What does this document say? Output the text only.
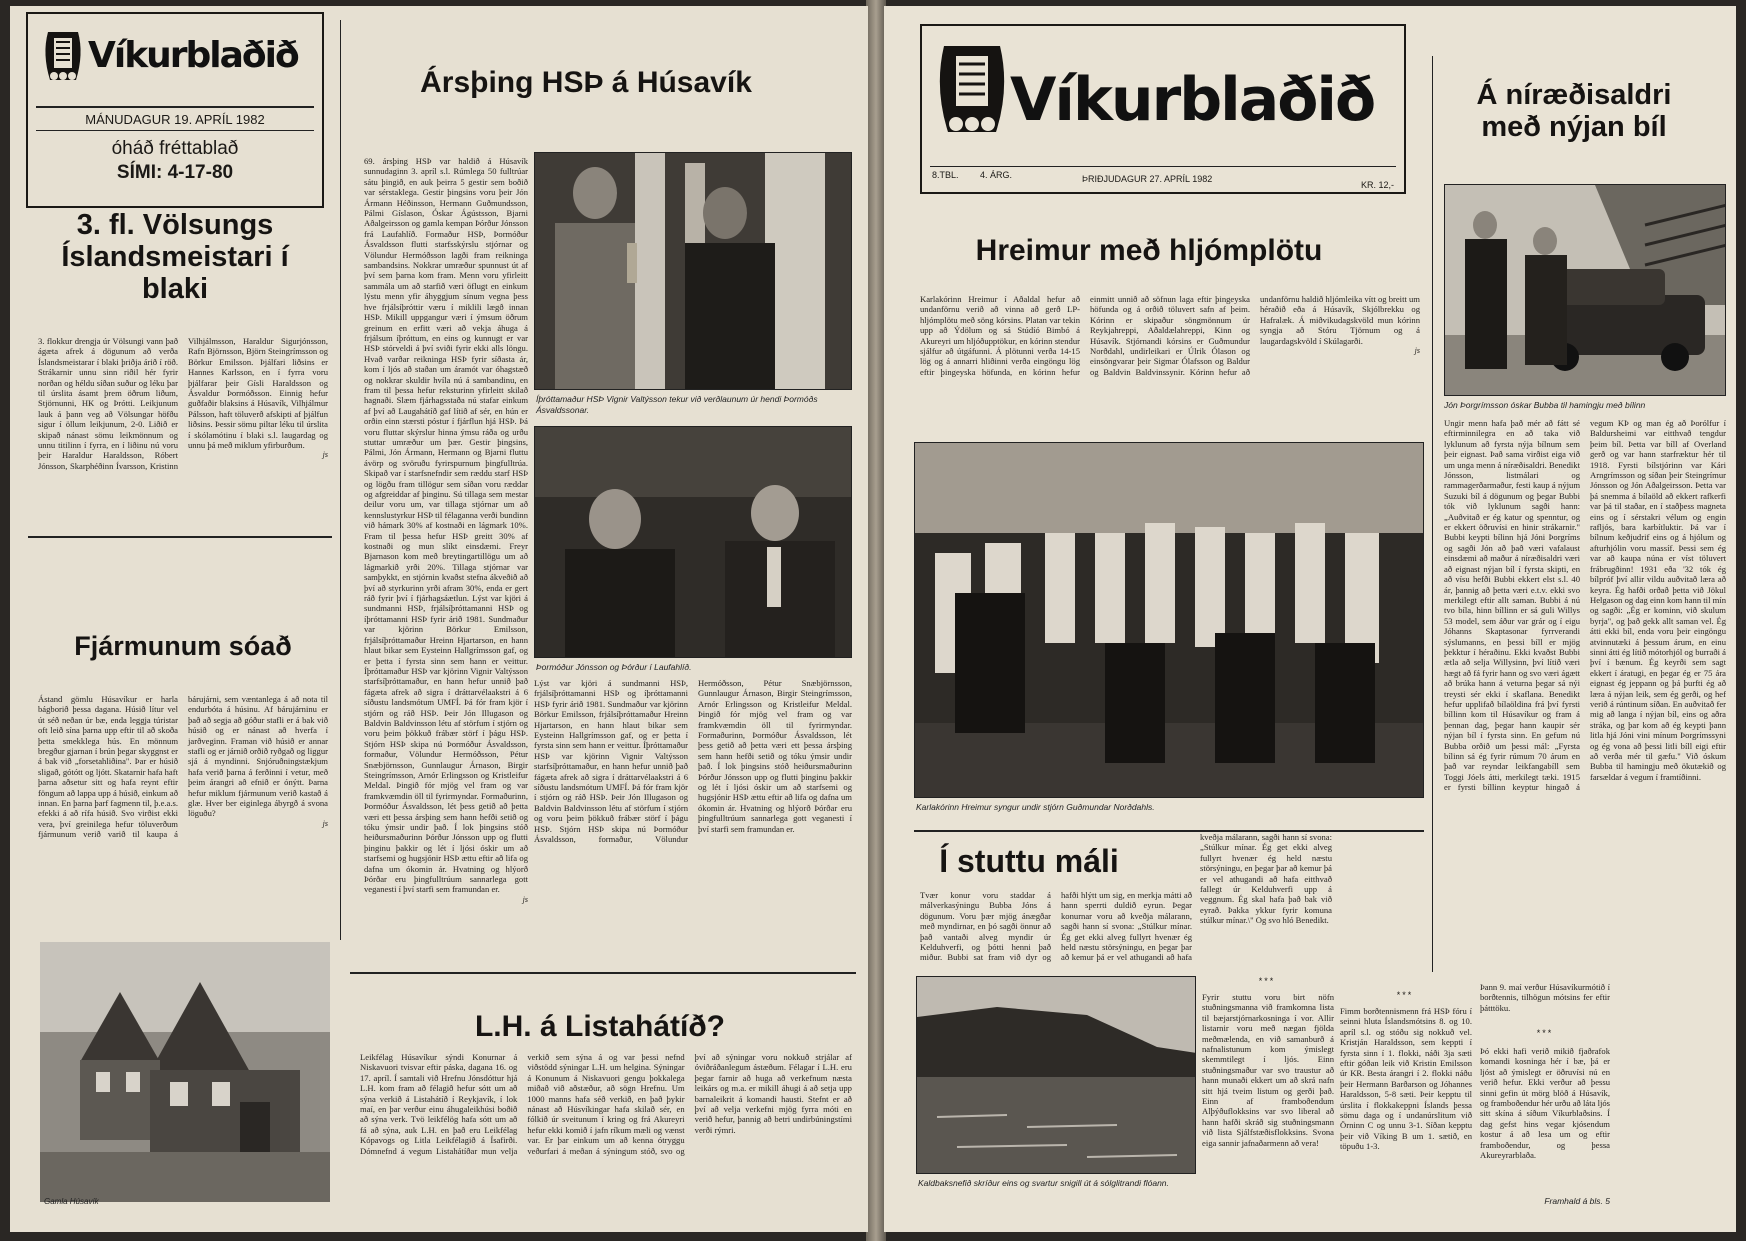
Víkurblaðið
MÁNUDAGUR 19. APRÍL 1982
óháð fréttablað
SÍMI: 4-17-80
3. fl. Völsungs Íslandsmeistari í blaki
3. flokkur drengja úr Völsungi vann það ágæta afrek á dögunum að verða Íslandsmeistarar í blaki þriðja árið í röð. Strákarnir unnu sinn riðil hér fyrir norðan og héldu síðan suður og léku þar til úrslita ásamt þrem öðrum liðum, Stjörnunni, HK og Þrótti. Leikjunum lauk á þann veg að Völsungar höfðu sigur í öllum leikjunum, 2-0. Liðið er skipað nánast sömu leikmönnum og unnu titilinn í fyrra, en í liðinu nú voru þeir Haraldur Haraldsson, Róbert Jónsson, Skarphéðinn Ívarsson, Kristinn Vilhjálmsson, Haraldur Sigurjónsson, Rafn Björnsson, Björn Steingrímsson og Börkur Emilsson. Þjálfari liðsins er Hannes Karlsson, en í fyrra voru þjálfarar þeir Gísli Haraldsson og Ásvaldur Þormóðsson. Einnig hefur guðfaðir blaksins á Húsavík, Vilhjálmur Pálsson, haft töluverð afskipti af þjálfun liðsins. Þessir sömu piltar léku til úrslita í skólamótinu í blaki s.l. laugardag og unnu þá með miklum yfirburðum.
js
Fjármunum sóað
Ástand gömlu Húsavíkur er harla bágborið þessa dagana. Húsið lítur vel út séð neðan úr bæ, enda leggja túristar oft leið sína þarna upp eftir til að skoða þetta smekklega hús. En mönnum bregður gjarnan í brún þegar skyggnst er á bak við „forsetahliðina". Þar er húsið sligað, gótótt og ljótt. Skatarnir hafa haft þarna aðsetur sitt og hafa reynt eftir föngum að lappa upp á húsið, einkum að innan. En þarna þarf fagmenn til, þ.e.a.s. efekki á að rífa húsið. Svo virðist ekki vera, því greinilega hefur töluverðum fjármunum verið varið til kaupa á bárujárni, sem væntanlega á að nota til endurbóta á húsinu. Af bárujárninu er það að segja að góður stafli er á bak við húsið og er nánast að hverfa í jarðveginn. Framan við húsið er annar stafli og er járnið orðið ryðgað og liggur sjá á myndinni. Snjóruðningstækjum hafa verið þarna á ferðinni í vetur, með þeim árangri að efnið er ónýtt. Þarna hefur miklum fjármunum verið kastað á glæ. Hver ber eiginlega ábyrgð á svona löguðu?
js
Gamla Húsavík
Ársþing HSÞ á Húsavík
Íþróttamaður HSÞ Vignir Valtýsson tekur við verðlaunum úr hendi Þormóðs Ásvaldssonar.
Þormóður Jónsson og Þórður í Laufahlíð.
69. ársþing HSÞ var haldið á Húsavík sunnudaginn 3. apríl s.l. Rúmlega 50 fulltrúar sátu þingið, en auk þeirra 5 gestir sem boðið var sérstaklega. Gestir þingsins voru þeir Jón Ármann Héðinsson, Hermann Guðmundsson, Pálmi Gíslason, Óskar Ágústsson, Bjarni Aðalgeirsson og gamla kempan Þórður Jónsson frá Laufahlíð. Formaður HSÞ, Þormóður Ásvaldsson flutti starfsskýrslu stjórnar og Völundur Hermóðsson lagði fram reikninga sambandsins. Nokkrar umræður spunnust út af því sem þarna kom fram. Menn voru yfirleitt sammála um að starfið væri öflugt en einkum lýstu menn yfir áhyggjum sínum vegna þess hve frjálsíþróttir væru í miklili lægð innan HSÞ. Mikill uppgangur væri í ýmsum öðrum greinum en erfitt væri að vekja áhuga á frjálsum íþróttum, en eins og kunnugt er var HSÞ stórveldi á því sviði fyrir ekki alls löngu. Hvað varðar reikninga HSÞ fyrir síðasta ár, kom í ljós að staðan um áramót var óhagstæð og nokkrar skuldir hvíla nú á sambandinu, en fram til þessa hefur reksturinn yfirleitt skilað hagnaði. Slæm fjárhagsstaða nú stafar einkum af því að Laugahátíð gaf lítið af sér, en hún er orðin einn stærsti póstur í fjárflun hjá HSÞ. Þá voru fluttar skýrslur hinna ýmsu ráða og urðu stuttar umræður um þær. Gestir þingsins, Pálmi, Jón Ármann, Hermann og Bjarni fluttu ávörp og svöruðu fyrirspurnum þingfulltrúa. Skipað var í starfsnefndir sem ræddu starf HSÞ og lögðu fram tillögur sem síðan voru ræddar og afgreiddar af þinginu. Sú tillaga sem mestar deilur voru um, var tillaga stjórnar um að kennslustyrkur HSÞ til félaganna verði bundinn við hámark 30% af kostnaði en lágmark 10%. Fram til þessa hefur HSÞ greitt 30% af kostnaði og mun slíkt einsdæmi. Freyr Bjarnason kom með breytingartillögu um að lágmarkið yrði 20%. Tillaga stjórnar var samþykkt, en stjórnin kvaðst stefna ákveðið að því að styrkurinn yrði afram 30%, enda er gert ráð fyrir því í fjárhagsáætlun. Lýst var kjöri á sundmanni HSÞ, frjálsíþróttamanni HSÞ og íþróttamanni HSÞ fyrir árið 1981. Sundmaður var kjörinn Börkur Emilsson, frjálsíþróttamaður Hreinn Hjartarson, en hann hlaut bikar sem Eysteinn Hallgrímsson gaf, og er þetta í fyrsta sinn sem hann er veittur. Íþróttamaður HSÞ var kjörinn Vignir Valtýsson starfsíþróttamaður, en hann hefur unnið það fágæta afrek að sigra í dráttarvélaakstri á 6 síðustu landsmótum UMFÍ. Þá fór fram kjör í stjórn og ráð HSÞ. Þeir Jón Illugason og Baldvin Baldvinsson létu af störfum í stjórn og voru þeim þökkuð frábær störf í þágu HSÞ. Stjórn HSÞ skipa nú Þormóður Ásvaldsson, formaður, Völundur Hermóðsson, Pétur Snæbjörnsson, Gunnlaugur Árnason, Birgir Steingrímsson, Arnór Erlingsson og Kristleifur Meldal. Þingið fór mjög vel fram og var framkvæmdin öll til fyrirmyndar. Formaðurinn, Þormóður Ásvaldsson, lét þess getið að þetta væri ett þessa ársþing sem hann hefði setið og tóku ýmsir undir það. Í lok þingsins stóð heiðursmaðurinn Þórður Jónsson upp og flutti þinginu þakkir og lét í ljósi óskir um að starfsemi og hugsjónir HSÞ ættu eftir að lifa og dafna um ókomin ár. Hvatning og hlýorð Þórðar eru þingfulltrúum sannarlega gott veganesti í því starfi sem framundan er.
js
Lýst var kjöri á sundmanni HSÞ, frjálsíþróttamanni HSÞ og íþróttamanni HSÞ fyrir árið 1981. Sundmaður var kjörinn Börkur Emilsson, frjálsíþróttamaður Hreinn Hjartarson, en hann hlaut bikar sem Eysteinn Hallgrímsson gaf, og er þetta í fyrsta sinn sem hann er veittur. Íþróttamaður HSÞ var kjörinn Vignir Valtýsson starfsíþróttamaður, en hann hefur unnið það fágæta afrek að sigra í dráttarvélaakstri á 6 síðustu landsmótum UMFÍ. Þá fór fram kjör í stjórn og ráð HSÞ. Þeir Jón Illugason og Baldvin Baldvinsson létu af störfum í stjórn og voru þeim þökkuð frábær störf í þágu HSÞ. Stjórn HSÞ skipa nú Þormóður Ásvaldsson, formaður, Völundur Hermóðsson, Pétur Snæbjörnsson, Gunnlaugur Árnason, Birgir Steingrímsson, Arnór Erlingsson og Kristleifur Meldal. Þingið fór mjög vel fram og var framkvæmdin öll til fyrirmyndar. Formaðurinn, Þormóður Ásvaldsson, lét þess getið að þetta væri ett þessa ársþing sem hann hefði setið og tóku ýmsir undir það. Í lok þingsins stóð heiðursmaðurinn Þórður Jónsson upp og flutti þinginu þakkir og lét í ljósi óskir um að starfsemi og hugsjónir HSÞ ættu eftir að lifa og dafna um ókomin ár. Hvatning og hlýorð Þórðar eru þingfulltrúum sannarlega gott veganesti í því starfi sem framundan er.
L.H. á Listahátíð?
Leikfélag Húsavíkur sýndi Konurnar á Niskavuori tvisvar eftir páska, dagana 16. og 17. apríl. Í samtali við Hrefnu Jónsdóttur hjá L.H. kom fram að félagið hefur sótt um að sýna verkið á Listahátíð í Reykjavík, í lok maí, en þar verður einu áhugaleikhúsi boðið að sýna verk. Tvö leikfélög hafa sótt um að fá að sýna, auk L.H. en það eru Leikfélag Kópavogs og Litla Leikfélagið á Ísafirði. Dómnefnd á vegum Listahátíðar mun velja verkið sem sýna á og var þessi nefnd viðstödd sýningar L.H. um helgina. Sýningar á Konunum á Niskavuori gengu þokkalega miðað við aðstæður, að sögn Hrefnu. Um 1000 manns hafa séð verkið, en það þykir nánast að Húsvíkingar hafa skilað sér, en fólkið úr sveitunum í kring og frá Akureyri hefur ekki komið í jafn ríkum mæli og vænst var. Er þar einkum um að kenna ótryggu veðurfari á meðan á sýningum stóð, svo og því að sýningar voru nokkuð strjálar af óviðráðanlegum ástæðum. Félagar í L.H. eru þegar farnir að huga að verkefnum næsta leikárs og m.a. er mikill áhugi á að setja upp barnaleikrit á komandi hausti. Stefnt er að því að velja verkefni mjög fyrra móti en verið hefur, þannig að betri undirbúningstími verði rýmri.
Víkurblaðið
8.TBL. 4. ÁRG.	ÞRIÐJUDAGUR 27. APRÍL 1982
KR. 12,-
Hreimur með hljómplötu
Karlakórinn Hreimur í Aðaldal hefur að undanförnu verið að vinna að gerð LP-hljómplötu með söng kórsins. Platan var tekin upp að Ýdölum og sá Stúdíó Bimbó á Akureyri um hljóðupptökur, en kórinn stendur sjálfur að útgáfunni. Á plötunni verða 14-15 lög og á annarri hliðinni verða eingöngu lög eftir þingeyska höfunda, en kórinn hefur einmitt unnið að söfnun laga eftir þingeyska höfunda og á orðið töluvert safn af þeim. Kórinn er skipaður söngmönnum úr Reykjahreppi, Aðaldælahreppi, Kinn og Húsavík. Stjórnandi kórsins er Guðmundur Norðdahl, undirleikari er Úlrik Ólason og einsöngvarar þeir Sigmar Ólafsson og Baldur og Baldvin Baldvinssynir. Kórinn hefur að undanförnu haldið hljómleika vítt og breitt um héraðið eða á Húsavík, Skjólbrekku og Hafralæk. Á miðvikudagskvöld mun kórinn syngja að Stóru Tjörnum og á laugardagskvöld í Skúlagarði.
js
Karlakórinn Hreimur syngur undir stjórn Guðmundar Norðdahls.
Í stuttu máli
Tvær konur voru staddar á málverkasýningu Bubba Jóns á dögunum. Voru þær mjög ánægðar með myndirnar, en þó sagði önnur að það vantaði alveg myndir úr Kelduhverfi, og þótti henni það miður. Bubbi sat fram við dyr og hafði hlýtt um sig, en merkja mátti að hann sperrti duldið eyrun. Þegar konurnar voru að kveðja málarann, sagði hann sí svona: „Stúlkur mínar. Ég get ekki alveg fullyrt hvenær ég held næstu störsýningu, en þegar þar að kemur þá er vel athugandi að hafa
kveðja málarann, sagði hann sí svona: „Stúlkur mínar. Ég get ekki alveg fullyrt hvenær ég held næstu störsýningu, en þegar þar að kemur þá er vel athugandi að hafa eitthvað fallegt úr Kelduhverfi upp á veggnum. Ég skal hafa það bak við eyrað. Þakka ykkur fyrir komuna stúlkur mínar.\" Og svo hló Benedikt.
Kaldbaksnefið skríður eins og svartur snigill út á sólglitrandi flóann.
***
Fyrir stuttu voru birt nöfn stuðningsmanna við framkomna lista til bæjarstjórnarkosninga í vor. Allir listarnir voru með nægan fjölda meðmælenda, en við samanburð á nafnalistunum kom ýmislegt skemmtilegt í ljós. Einn stuðningsmaður var svo traustur að hann munaði ekkert um að skrá nafn sitt hjá tveim listum og gerði það. Einn af framboðendum Alþýðuflokksins var svo liberal að hann hafði skráð sig stuðningsmann við lista Sjálfstæðisflokksins. Svona eiga sannir jafnaðarmenn að vera!
***
Fimm borðtennismenn frá HSÞ fóru í seinni hluta Íslandsmótsins 8. og 10. apríl s.l. og stóðu sig nokkuð vel. Kristján Haraldsson, sem keppti í fyrsta sinn í 1. flokki, náði 3ja sæti eftir góðan leik við Kristin Emilsson úr KR. Besta árangri í 2. flokki náðu þeir Hermann Barðarson og Jóhannes Haraldsson, 5-8 sæti. Þeir kepptu til úrslita í flokkakeppni Íslands þessa sömu daga og í undanúrslitum við Örninn C og unnu 3-1. Síðan kepptu þeir við Víking B um 1. sætið, en töpuðu 1-3.
Þann 9. maí verður Húsavíkurmótið í borðtennis, tilhögun mótsins fer eftir þátttöku.
***
Þó ekki hafi verið mikið fjaðrafok komandi kosninga hér í bæ, þá er ljóst að ýmislegt er öðruvísi nú en verið hefur. Ekki verður að þessu sinni gefin út mörg blöð á Húsavík, og framboðendur hér urðu að láta ljós sitt skína á síðum Víkurblaðsins. Í dag gefst hins vegar kjósendum kostur á að lesa um og eftir framboðendur, og þessa Akureyrarblaða.
Framhald á bls. 5
Á níræðisaldri með nýjan bíl
Jón Þorgrímsson óskar Bubba til hamingju með bílinn
Ungir menn hafa það mér að fátt sé eftirminnilegra en að taka við lyklunum að fyrsta nýja bílnum sem þeir eignast. Það sama virðist eiga við um unga menn á níræðisaldri. Benedikt Jónsson, listmálari og rammagerðarmaður, festi kaup á nýjum Suzuki bíl á dögunum og þegar Bubbi tók við lyklunum sagði hann: „Auðvitað er ég katur og spenntur, og er ekkert öðruvísi en hinir strákarnir." Bubbi keypti bílinn hjá Jóni Þorgríms og sagði Jón að það væri vafalaust einsdæmi að maður á níræðisaldri væri að eignast nýjan bíl í fyrsta skipti, en að vísu hefði Bubbi ekkert elst s.l. 40 ár, þannig að þetta væri e.t.v. ekki svo merkilegt eftir allt saman. Bubbi á nú tvo bíla, hinn bíllinn er sá guli Willys 53 model, sem áður var grár og í eigu Jóhanns Skaptasonar fyrrverandi sýslumanns, en þessi bíll er mjög þekktur í héraðinu. Ekki kvaðst Bubbi ætla að selja Willysinn, því lítið væri hægt að fá fyrir hann og svo væri ágætt að brúka hann á veturna þegar sá nýi treysti sér ekki í skaflana. Benedikt hefur upplifað bílaöldina frá því fyrsti bíllinn kom til Húsavíkur og fram á þennan dag, þegar hann kaupir sér nýjan bíl í fyrsta sinn. En gefum nú Bubba orðið um þessi mál: „Fyrsta bílinn sá ég fyrir rúmum 70 árum en það var reyndar leikfangabíll sem Toggi Jóels átti, merkilegt tæki. 1915 er fyrsti bíllinn keyptur hingað á vegum KÞ og man ég að Þorólfur í Baldursheimi var eitthvað tengdur þeim bíl. Þetta var bíll af Overland gerð og var hann starfræktur hér til 1918. Fyrsti bílstjórinn var Kári Arngrímsson og síðan þeir Steingrímur Jónsson og Jón Aðalgeirsson. Þetta var þá snemma á bílaöld að ekkert rafkerfi var þá til staðar, en í staðþess magneta eins og í sérstakri vélum og engin rafljós, bara karbítluktir. Þá var í bílnum keðjudrif eins og á hjólum og afturhjólin voru massíf. Þessi sem ég var að kaupa núna er víst töluvert frábrugðinn! 1931 eða '32 tók ég bílpróf því allir vildu auðvitað læra að keyra. Ég hafði orðað þetta við Jökul Helgason og dag einn kom hann til mín og sagði: „Ég er kominn, við skulum byrja", og það gekk allt saman vel. Ég átti ekki bíl, enda voru þeir eingöngu atvinnutæki á þessum árum, en einu sinni átti ég lítið mótorhjól og burraði á því í bænum. Ég keyrði sem sagt ekkert í áratugi, en þegar ég er 75 ára eignast ég jeppann og þá þurfti ég að læra á nýjan leik, sem ég gerði, og hef verið á rúntinum síðan. En auðvitað fer mig að langa í nýjan bíl, eins og aðra stráka, og þar kom að ég keypti þann litla hjá Jóni vini mínum Þorgrímssyni og ég vona að þessi litli bíll eigi eftir að verða mér til gæfu." Við óskum Bubba til hamingju með ökutækið og farsældar á vegum í framtíðinni.
